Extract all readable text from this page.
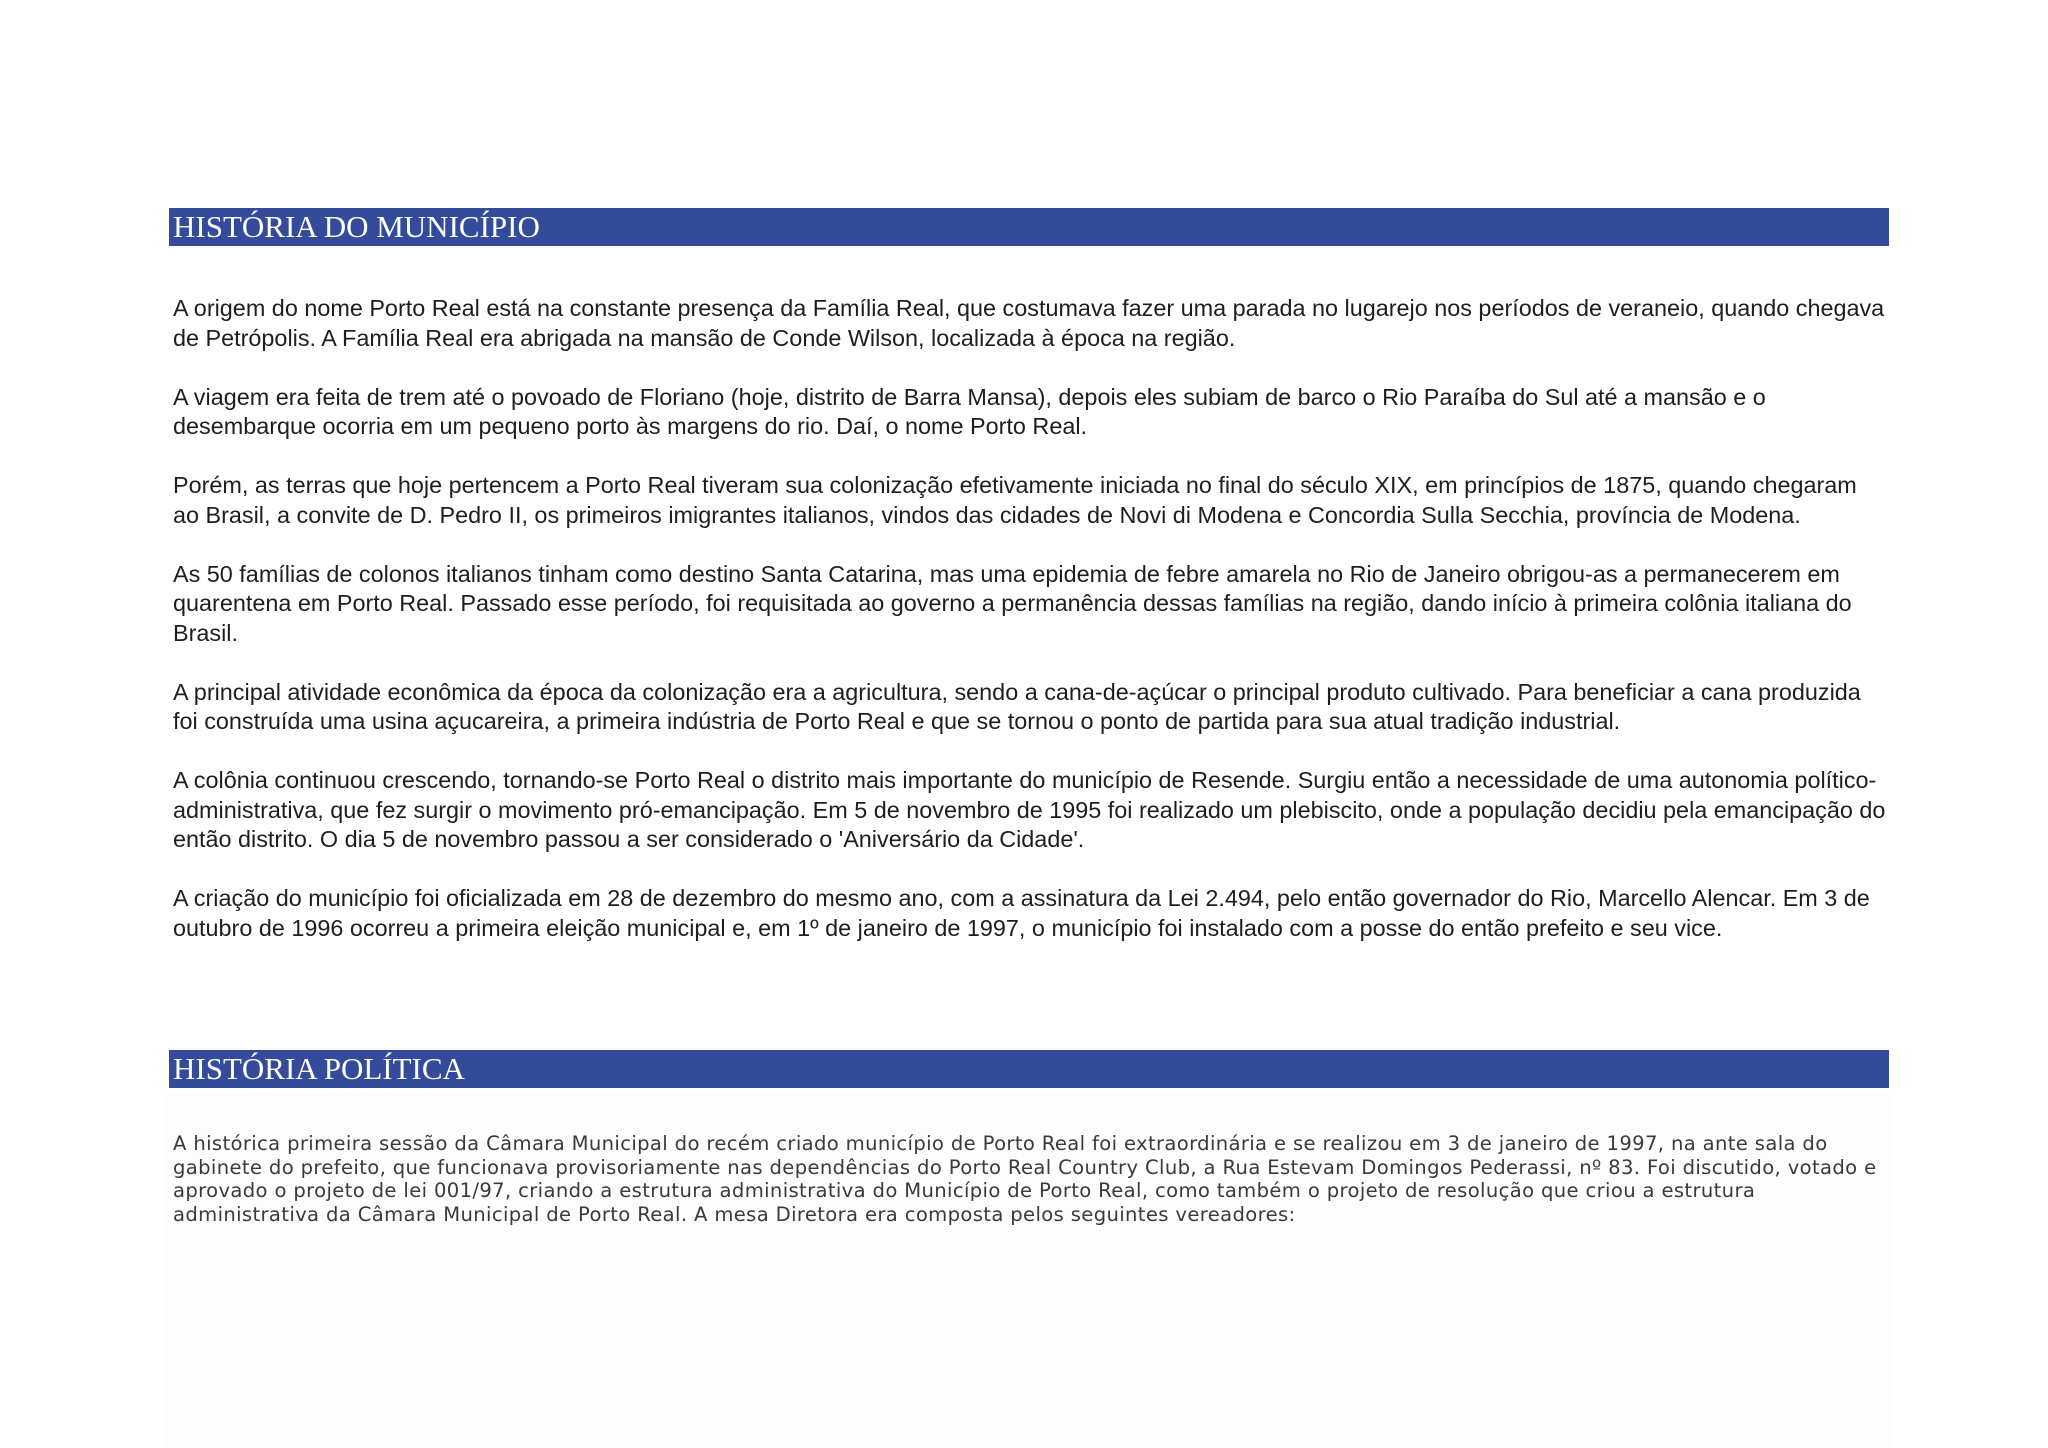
HISTÓRIA DO MUNICÍPIO

A origem do nome Porto Real está na constante presença da Família Real, que costumava fazer uma parada no lugarejo nos períodos de veraneio, quando chegava de Petrópolis. A Família Real era abrigada na mansão de Conde Wilson, localizada à época na região.

A viagem era feita de trem até o povoado de Floriano (hoje, distrito de Barra Mansa), depois eles subiam de barco o Rio Paraíba do Sul até a mansão e o desembarque ocorria em um pequeno porto às margens do rio. Daí, o nome Porto Real.

Porém, as terras que hoje pertencem a Porto Real tiveram sua colonização efetivamente iniciada no final do século XIX, em princípios de 1875, quando chegaram ao Brasil, a convite de D. Pedro II, os primeiros imigrantes italianos, vindos das cidades de Novi di Modena e Concordia Sulla Secchia, província de Modena.

As 50 famílias de colonos italianos tinham como destino Santa Catarina, mas uma epidemia de febre amarela no Rio de Janeiro obrigou-as a permanecerem em quarentena em Porto Real. Passado esse período, foi requisitada ao governo a permanência dessas famílias na região, dando início à primeira colônia italiana do Brasil.

A principal atividade econômica da época da colonização era a agricultura, sendo a cana-de-açúcar o principal produto cultivado. Para beneficiar a cana produzida foi construída uma usina açucareira, a primeira indústria de Porto Real e que se tornou o ponto de partida para sua atual tradição industrial.

A colônia continuou crescendo, tornando-se Porto Real o distrito mais importante do município de Resende. Surgiu então a necessidade de uma autonomia político-administrativa, que fez surgir o movimento pró-emancipação. Em 5 de novembro de 1995 foi realizado um plebiscito, onde a população decidiu pela emancipação do então distrito. O dia 5 de novembro passou a ser considerado o 'Aniversário da Cidade'.

A criação do município foi oficializada em 28 de dezembro do mesmo ano, com a assinatura da Lei 2.494, pelo então governador do Rio, Marcello Alencar. Em 3 de outubro de 1996 ocorreu a primeira eleição municipal e, em 1º de janeiro de 1997, o município foi instalado com a posse do então prefeito e seu vice.

HISTÓRIA POLÍTICA

A histórica primeira sessão da Câmara Municipal do recém criado município de Porto Real foi extraordinária e se realizou em 3 de janeiro de 1997, na ante sala do gabinete do prefeito, que funcionava provisoriamente nas dependências do Porto Real Country Club, a Rua Estevam Domingos Pederassi, nº 83. Foi discutido, votado e aprovado o projeto de lei 001/97, criando a estrutura administrativa do Município de Porto Real, como também o projeto de resolução que criou a estrutura administrativa da Câmara Municipal de Porto Real. A mesa Diretora era composta pelos seguintes vereadores:
